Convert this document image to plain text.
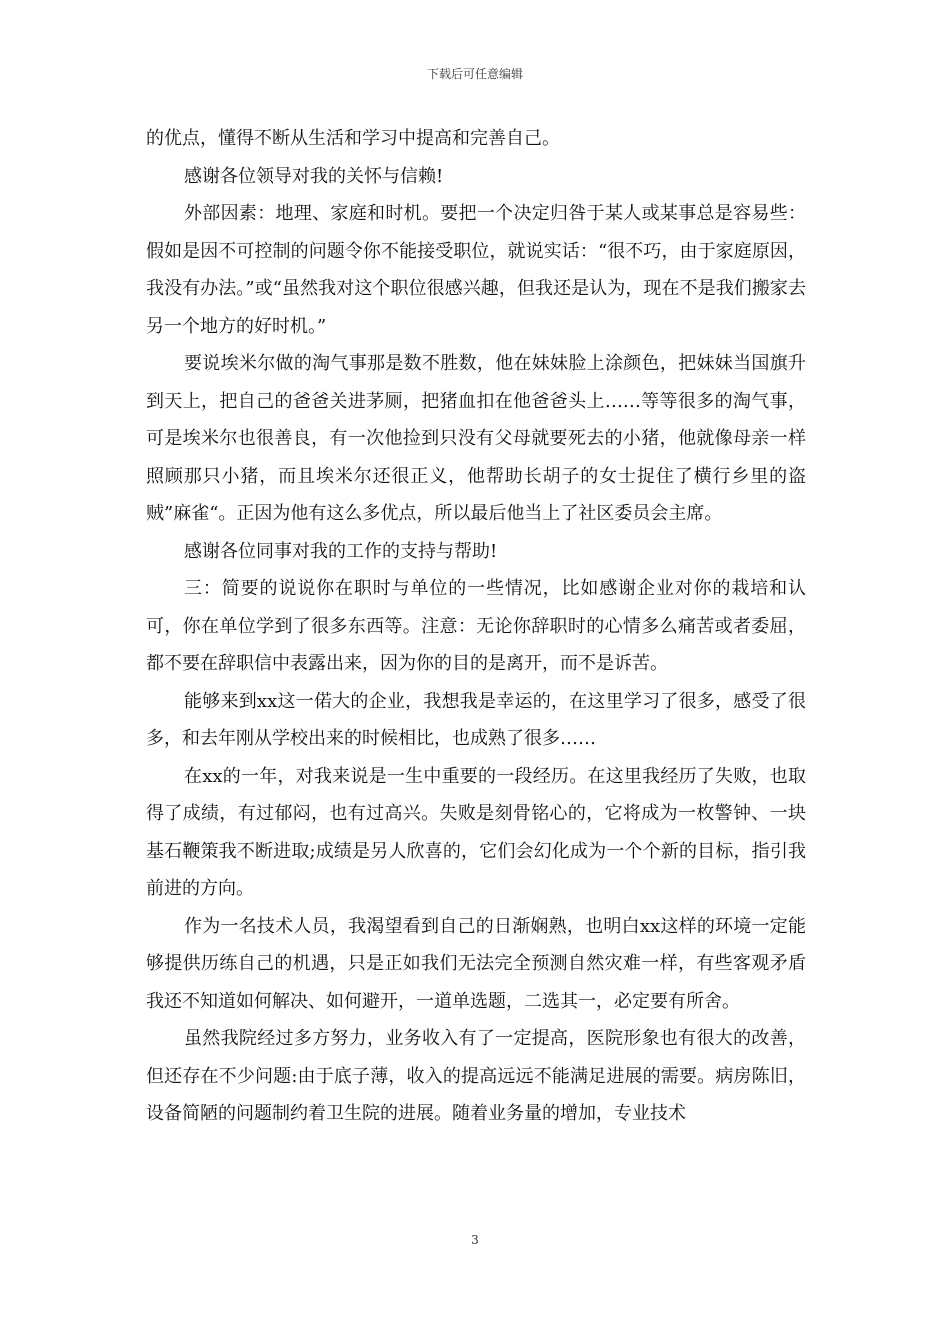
下载后可任意编辑

的优点，懂得不断从生活和学习中提高和完善自己。

感谢各位领导对我的关怀与信赖!

外部因素：地理、家庭和时机。要把一个决定归咎于某人或某事总是容易些：假如是因不可控制的问题令你不能接受职位，就说实话：“很不巧，由于家庭原因，我没有办法。”或“虽然我对这个职位很感兴趣，但我还是认为，现在不是我们搬家去另一个地方的好时机。”

要说埃米尔做的淘气事那是数不胜数，他在妹妹脸上涂颜色，把妹妹当国旗升到天上，把自己的爸爸关进茅厕，把猪血扣在他爸爸头上……等等很多的淘气事，可是埃米尔也很善良，有一次他捡到只没有父母就要死去的小猪，他就像母亲一样照顾那只小猪，而且埃米尔还很正义，他帮助长胡子的女士捉住了横行乡里的盗贼”麻雀“。正因为他有这么多优点，所以最后他当上了社区委员会主席。

感谢各位同事对我的工作的支持与帮助!

三：简要的说说你在职时与单位的一些情况，比如感谢企业对你的栽培和认可，你在单位学到了很多东西等。注意：无论你辞职时的心情多么痛苦或者委屈，都不要在辞职信中表露出来，因为你的目的是离开，而不是诉苦。

能够来到xx这一偌大的企业，我想我是幸运的，在这里学习了很多，感受了很多，和去年刚从学校出来的时候相比，也成熟了很多……

在xx的一年，对我来说是一生中重要的一段经历。在这里我经历了失败，也取得了成绩，有过郁闷，也有过高兴。失败是刻骨铭心的，它将成为一枚警钟、一块基石鞭策我不断进取;成绩是另人欣喜的，它们会幻化成为一个个新的目标，指引我前进的方向。

作为一名技术人员，我渴望看到自己的日渐娴熟，也明白xx这样的环境一定能够提供历练自己的机遇，只是正如我们无法完全预测自然灾难一样，有些客观矛盾我还不知道如何解决、如何避开，一道单选题，二选其一，必定要有所舍。

虽然我院经过多方努力，业务收入有了一定提高，医院形象也有很大的改善，但还存在不少问题:由于底子薄，收入的提高远远不能满足进展的需要。病房陈旧，设备简陋的问题制约着卫生院的进展。随着业务量的增加，专业技术

3
